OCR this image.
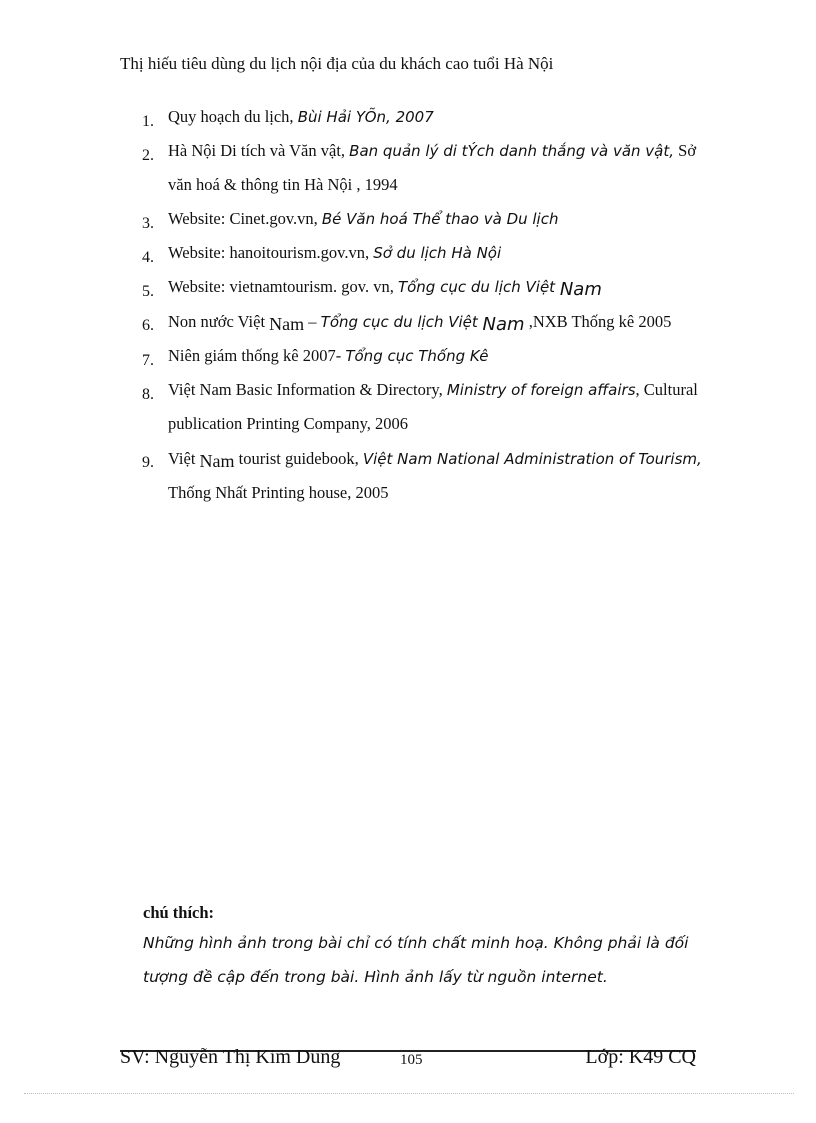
Thị hiếu tiêu dùng du lịch nội địa của du khách cao tuổi Hà Nội
1. Quy hoạch du lịch, Bùi Hải YÕn, 2007
2. Hà Nội Di tích và Văn vật, Ban quản lý di tÝch danh thắng và văn vật, Sở văn hoá & thông tin Hà Nội , 1994
3. Website: Cinet.gov.vn, Bé Văn hoá Thể thao và Du lịch
4. Website: hanoitourism.gov.vn, Sở du lịch Hà Nội
5. Website: vietnamtourism. gov. vn, Tổng cục du lịch Việt Nam
6. Non nước Việt Nam – Tổng cục du lịch Việt Nam ,NXB Thống kê 2005
7. Niên giám thống kê 2007- Tổng cục Thống Kê
8. Việt Nam Basic Information & Directory, Ministry of foreign affairs, Cultural publication Printing Company, 2006
9. Việt Nam tourist guidebook, Việt Nam National Administration of Tourism, Thống Nhất Printing house, 2005
chú thích:
Những hình ảnh trong bài chỉ có tính chất minh hoạ. Không phải là đối tượng đề cập đến trong bài. Hình ảnh lấy từ nguồn internet.
SV: Nguyễn Thị Kim Dung	105	Lớp: K49 CQ
